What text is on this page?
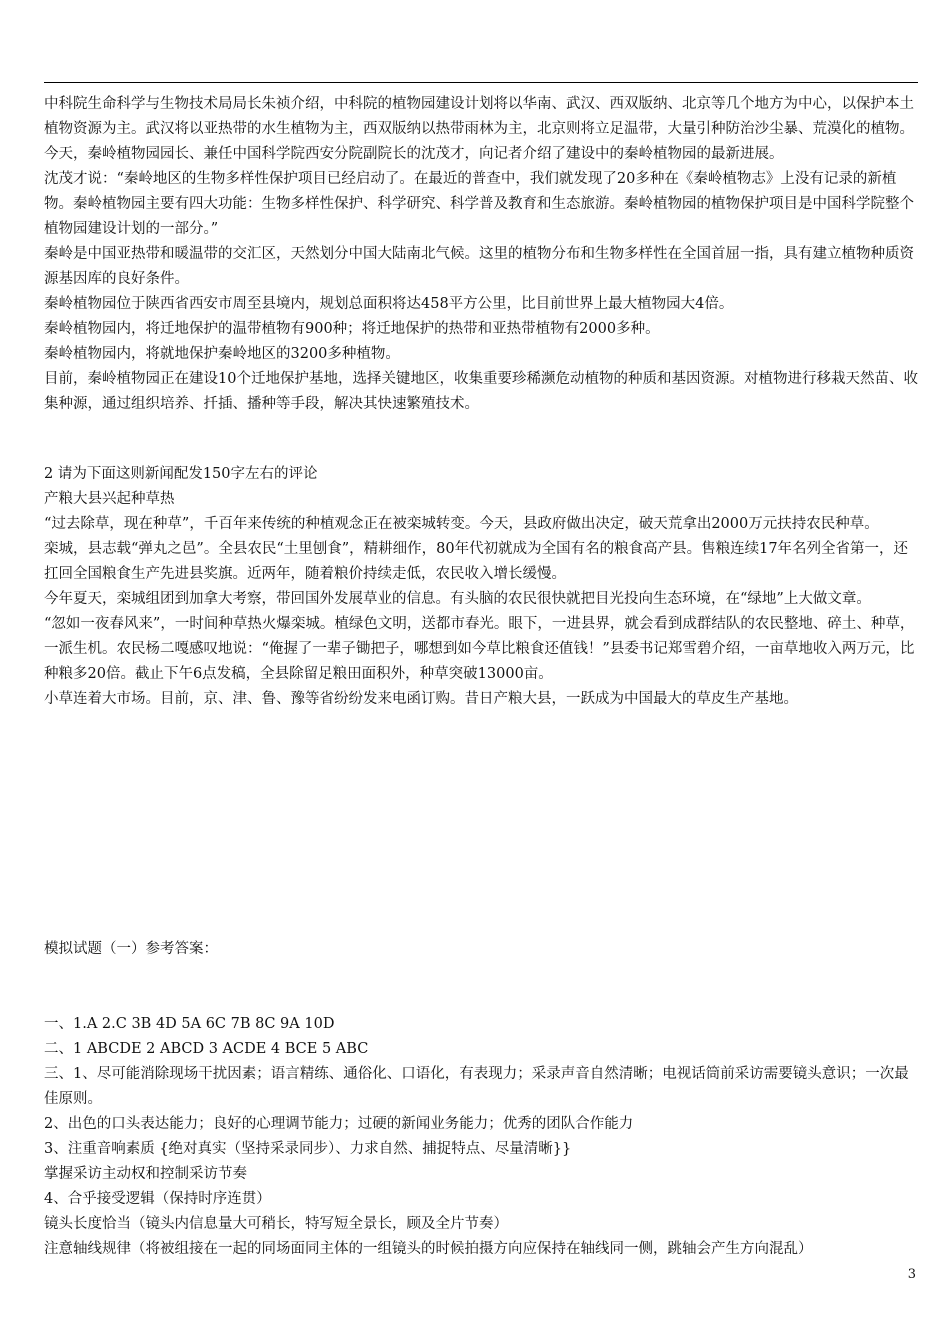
中科院生命科学与生物技术局局长朱祯介绍，中科院的植物园建设计划将以华南、武汉、西双版纳、北京等几个地方为中心，以保护本土植物资源为主。武汉将以亚热带的水生植物为主，西双版纳以热带雨林为主，北京则将立足温带，大量引种防治沙尘暴、荒漠化的植物。

今天，秦岭植物园园长、兼任中国科学院西安分院副院长的沈茂才，向记者介绍了建设中的秦岭植物园的最新进展。

沈茂才说：“秦岭地区的生物多样性保护项目已经启动了。在最近的普查中，我们就发现了20多种在《秦岭植物志》上没有记录的新植物。秦岭植物园主要有四大功能：生物多样性保护、科学研究、科学普及教育和生态旅游。秦岭植物园的植物保护项目是中国科学院整个植物园建设计划的一部分。”

秦岭是中国亚热带和暖温带的交汇区，天然划分中国大陆南北气候。这里的植物分布和生物多样性在全国首屈一指，具有建立植物种质资源基因库的良好条件。

秦岭植物园位于陕西省西安市周至县境内，规划总面积将达458平方公里，比目前世界上最大植物园大4倍。

秦岭植物园内，将迁地保护的温带植物有900种；将迁地保护的热带和亚热带植物有2000多种。

秦岭植物园内，将就地保护秦岭地区的3200多种植物。

目前，秦岭植物园正在建设10个迁地保护基地，选择关键地区，收集重要珍稀濒危动植物的种质和基因资源。对植物进行移栽天然苗、收集种源，通过组织培养、扦插、播种等手段，解决其快速繁殖技术。

2 请为下面这则新闻配发150字左右的评论

产粮大县兴起种草热

“过去除草，现在种草”，千百年来传统的种植观念正在被栾城转变。今天，县政府做出决定，破天荒拿出2000万元扶持农民种草。

栾城，县志载“弹丸之邑”。全县农民“土里刨食”，精耕细作，80年代初就成为全国有名的粮食高产县。售粮连续17年名列全省第一，还扛回全国粮食生产先进县奖旗。近两年，随着粮价持续走低，农民收入增长缓慢。

今年夏天，栾城组团到加拿大考察，带回国外发展草业的信息。有头脑的农民很快就把目光投向生态环境，在“绿地”上大做文章。

“忽如一夜春风来”，一时间种草热火爆栾城。植绿色文明，送都市春光。眼下，一进县界，就会看到成群结队的农民整地、碎土、种草，一派生机。农民杨二嘎感叹地说：“俺握了一辈子锄把子，哪想到如今草比粮食还值钱！”县委书记郑雪碧介绍，一亩草地收入两万元，比种粮多20倍。截止下午6点发稿，全县除留足粮田面积外，种草突破13000亩。

小草连着大市场。目前，京、津、鲁、豫等省纷纷发来电函订购。昔日产粮大县，一跃成为中国最大的草皮生产基地。

模拟试题（一）参考答案：

一、1.A 2.C 3B 4D 5A 6C 7B 8C 9A 10D

二、1 ABCDE 2 ABCD 3 ACDE 4 BCE 5 ABC

三、1、尽可能消除现场干扰因素；语言精练、通俗化、口语化，有表现力；采录声音自然清晰；电视话筒前采访需要镜头意识；一次最佳原则。

2、出色的口头表达能力；良好的心理调节能力；过硬的新闻业务能力；优秀的团队合作能力

3、注重音响素质 {绝对真实（坚持采录同步）、力求自然、捕捉特点、尽量清晰}}

掌握采访主动权和控制采访节奏

4、合乎接受逻辑（保持时序连贯）

镜头长度恰当（镜头内信息量大可稍长，特写短全景长，顾及全片节奏）

注意轴线规律（将被组接在一起的同场面同主体的一组镜头的时候拍摄方向应保持在轴线同一侧，跳轴会产生方向混乱）

3
